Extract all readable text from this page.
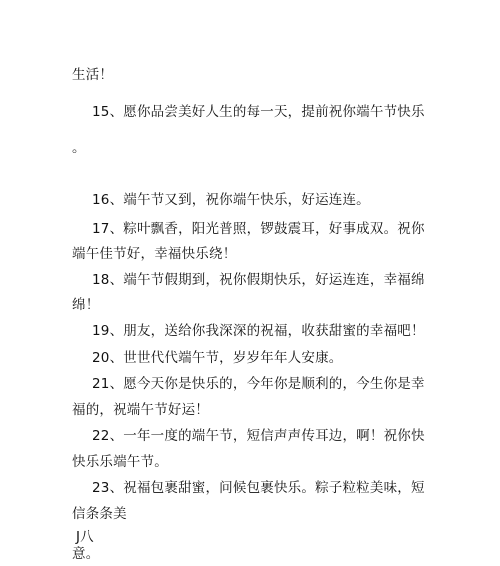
生活！
15、愿你品尝美好人生的每一天，提前祝你端午节快乐
。
16、端午节又到，祝你端午快乐，好运连连。
17、粽叶飘香，阳光普照，锣鼓震耳，好事成双。祝你
端午佳节好，幸福快乐绕！
18、端午节假期到，祝你假期快乐，好运连连，幸福绵
绵！
19、朋友，送给你我深深的祝福，收获甜蜜的幸福吧！
20、世世代代端午节，岁岁年年人安康。
21、愿今天你是快乐的，今年你是顺利的，今生你是幸
福的，祝端午节好运！
22、一年一度的端午节，短信声声传耳边，啊！祝你快
快乐乐端午节。
23、祝福包裹甜蜜，问候包裹快乐。粽子粒粒美味，短
信条条美
J八
意。
